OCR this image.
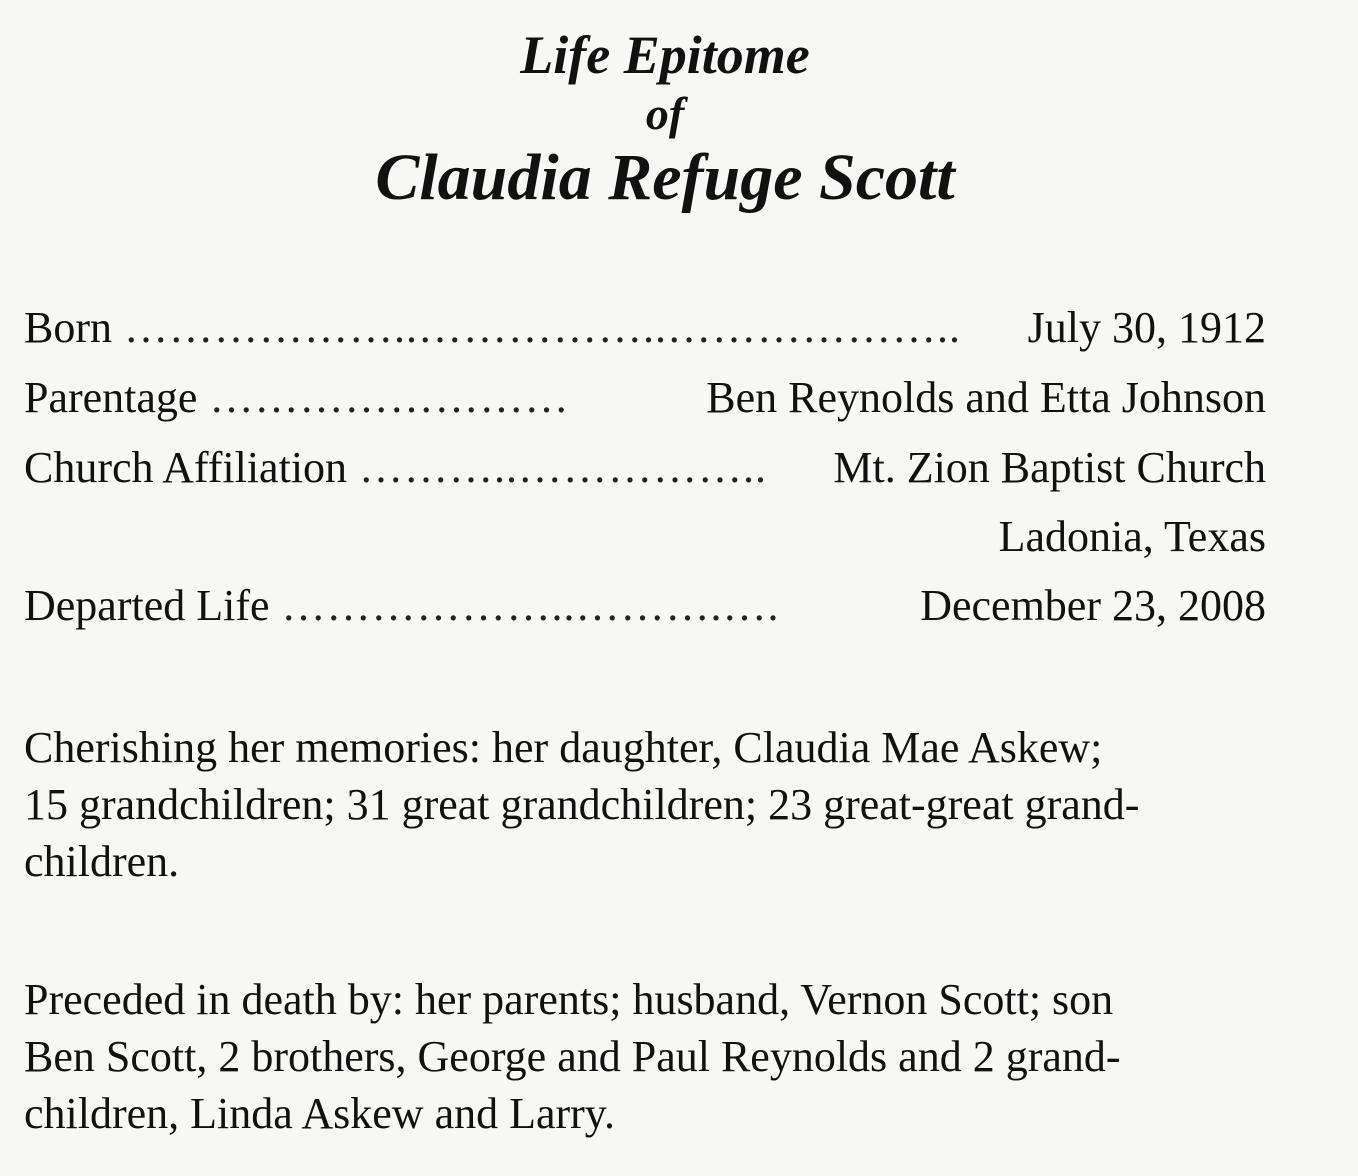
Life Epitome
of
Claudia Refuge Scott
Born ………………..……………..………………..	July 30, 1912
Parentage ……………………	Ben Reynolds and Etta Johnson
Church Affiliation ………..……………..	Mt. Zion Baptist Church
Ladonia, Texas
Departed Life ………………..……….….	December 23, 2008
Cherishing her memories: her daughter, Claudia Mae Askew;
15 grandchildren; 31 great grandchildren; 23 great-great grand-
children.
Preceded in death by: her parents; husband, Vernon Scott; son
Ben Scott, 2 brothers, George and Paul Reynolds and 2 grand-
children, Linda Askew and Larry.
